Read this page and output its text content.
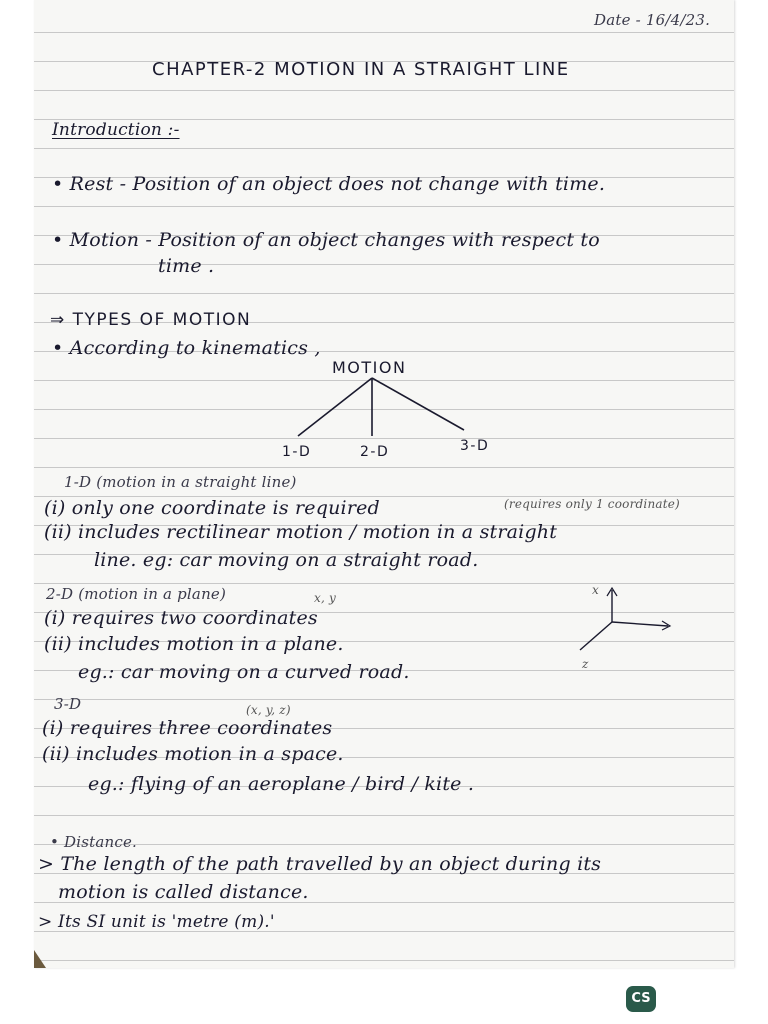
Date - 16/4/23.
CHAPTER-2 MOTION IN A STRAIGHT LINE
Introduction :-
• Rest - Position of an object does not change with time.
• Motion - Position of an object changes with respect to
time .
⇒ TYPES OF MOTION
• According to kinematics ,
MOTION
1-D	2-D	3-D
1-D (motion in a straight line)
(i) only one coordinate is required	(requires only 1 coordinate)
(ii) includes rectilinear motion / motion in a straight
line. eg: car moving on a straight road.
2-D (motion in a plane)	x, y
(i) requires two coordinates
(ii) includes motion in a plane.
eg.: car moving on a curved road.
x
z
3-D	(x, y, z)
(i) requires three coordinates
(ii) includes motion in a space.
eg.: flying of an aeroplane / bird / kite .
• Distance.
> The length of the path travelled by an object during its
motion is called distance.
> Its SI unit is 'metre (m).'
CS
